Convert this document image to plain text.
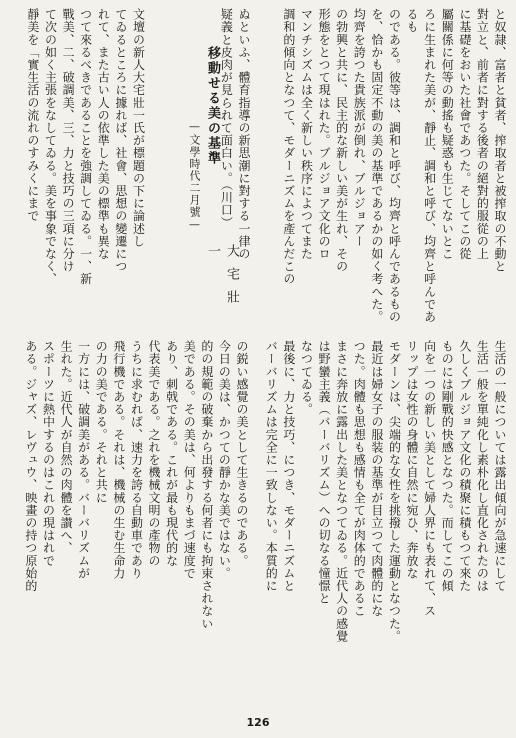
と奴隷、富者と貧者、搾取者と被搾取の不動と
對立と、前者に對する後者の絕對的服從の上
に基礎をおいた社會であつた。そしてこの從
屬關係に何等の動搖も疑惑も生じてないとこ
ろに生まれた美が、靜止、調和と呼び、均齊と呼んであるも
のである。彼等は、調和と呼び、均齊と呼んであるもの
を、恰かも固定不動の美の基準であるかの如く考へた。
均齊を誇つた貴族派が倒れ、ブルジョアー
の勃興と共に、民主的な新しい美が生れ、その
形態をとつて現はれた。ブルジョア文化のロ
マンチシズムは全く新しい秩序によつてまた
調和的傾向となつて、モダーニズムを產んだこの
ぬといふ、體育指導の新思潮に對する一律の
疑義と皮肉が見られて面白い。（川口）

文壇の新人大宅壯一氏が標題の下に論述し
てゐるところに據れば、社會、思想の變遷につ
れて、また古い人の依準した美の標準も異な
つて來るべきであることを強調してゐる。一、新
戰美、二、破調美、三、力と技巧の三項に分け
て次の如く主張をなしてゐる。美を事象でなく、
靜美を「實生活の流れのすみくにまで	移動せる美の基準
—文學時代二月號—
大宅壯一
生活の一般については露出傾向が急速にして
生活一般を單純化し素朴化し直化されたのは
久しくブルジョア文化の積聚に積もつて來た
ものには剛戰的快感となつた。而してこの傾
向を一つの新しい美として婦人界にも表れて、ス
リップは女性の身體に自然に宛ひ、奔放な
モダーンは、尖端的な女性を挑撥した運動となつた。
最近は婦女子の服装の基準が目立つて肉體的にな
つた。肉體も思想も感情も全てが肉体的であるこ
まさに奔放に露出した美となつてゐる。近代人の感覺
は野蠻主義（バーバリズム）への切なる憧憬と
なつてゐる。
最後に、力と技巧、につき、モダーニズムと
バーバリズムは完全に一致しない。本質的に

の鋭い感覺の美として生きるのである。
今日の美は、かつての靜かな美ではない。
的の規範の破棄から出發する何者にも拘束されない
美である。その美は、何よりもまづ速度で
あり、刺戟である。これが最も現代的な
代表美である。之れを機械文明の產物の
うちに求むれば、速力を誇る自動車であり
飛行機である。それは、機械の生む生命力
の力の美である。それと共に
一方には、破調美がある。バーバリズムが
生れた。近代人が自然の肉體を讃へ、
スポーツに熱中するのはこれの現はれで
ある。ジャズ、レヴュウ、映畫の持つ原始的

126
